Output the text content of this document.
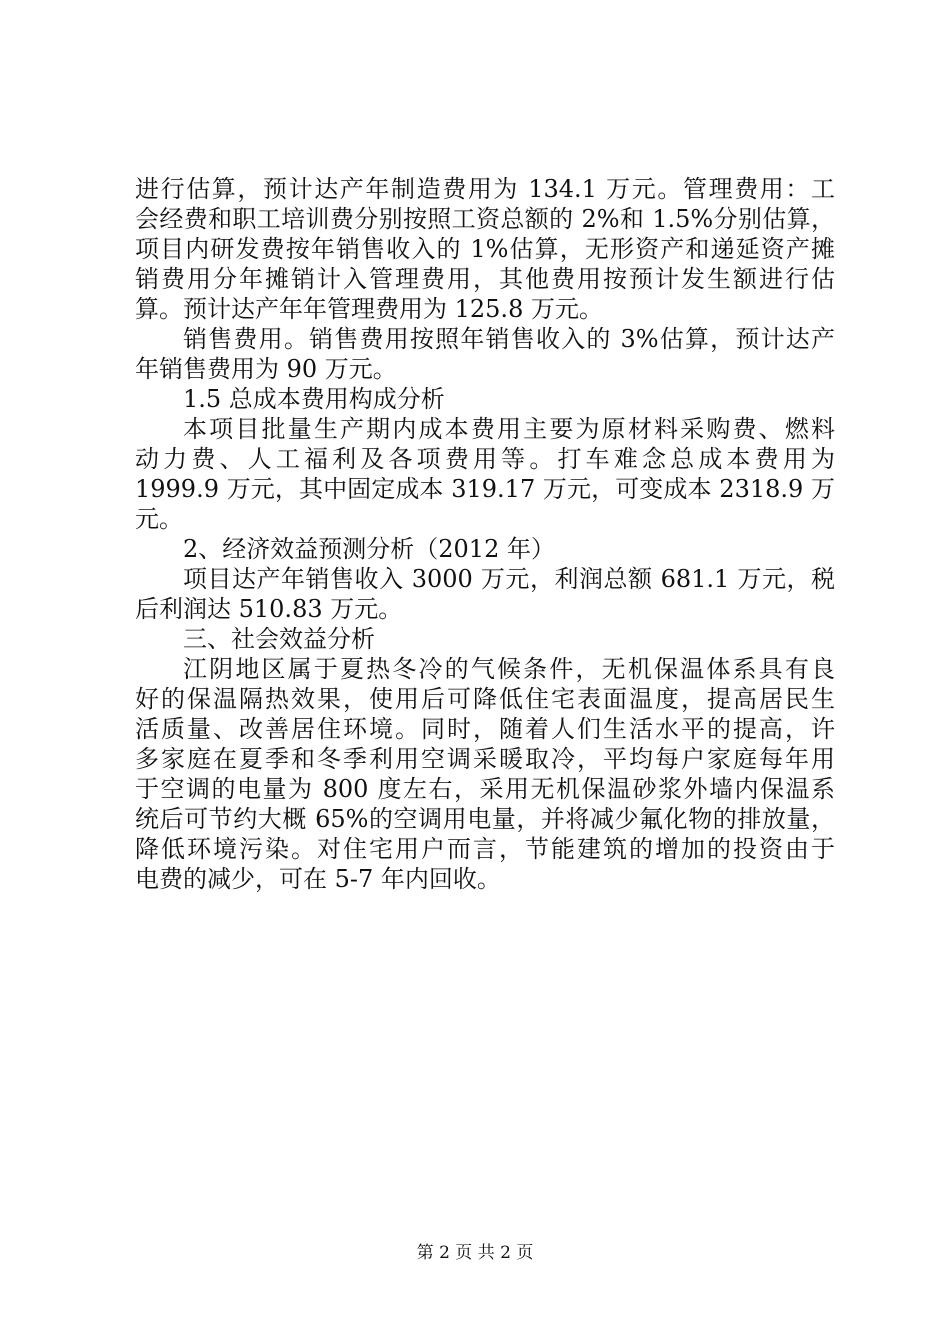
进行估算，预计达产年制造费用为 134.1 万元。管理费用：工
会经费和职工培训费分别按照工资总额的 2%和 1.5%分别估算，
项目内研发费按年销售收入的 1%估算，无形资产和递延资产摊
销费用分年摊销计入管理费用，其他费用按预计发生额进行估
算。预计达产年年管理费用为 125.8 万元。
销售费用。销售费用按照年销售收入的 3%估算，预计达产
年销售费用为 90 万元。
1.5 总成本费用构成分析
本项目批量生产期内成本费用主要为原材料采购费、燃料
动力费、人工福利及各项费用等。打车难念总成本费用为
1999.9 万元，其中固定成本 319.17 万元，可变成本 2318.9 万
元。
2、经济效益预测分析（2012 年）
项目达产年销售收入 3000 万元，利润总额 681.1 万元，税
后利润达 510.83 万元。
三、社会效益分析
江阴地区属于夏热冬冷的气候条件，无机保温体系具有良
好的保温隔热效果，使用后可降低住宅表面温度，提高居民生
活质量、改善居住环境。同时，随着人们生活水平的提高，许
多家庭在夏季和冬季利用空调采暖取冷，平均每户家庭每年用
于空调的电量为 800 度左右，采用无机保温砂浆外墙内保温系
统后可节约大概 65%的空调用电量，并将减少氟化物的排放量，
降低环境污染。对住宅用户而言，节能建筑的增加的投资由于
电费的减少，可在 5-7 年内回收。
第 2 页 共 2 页
